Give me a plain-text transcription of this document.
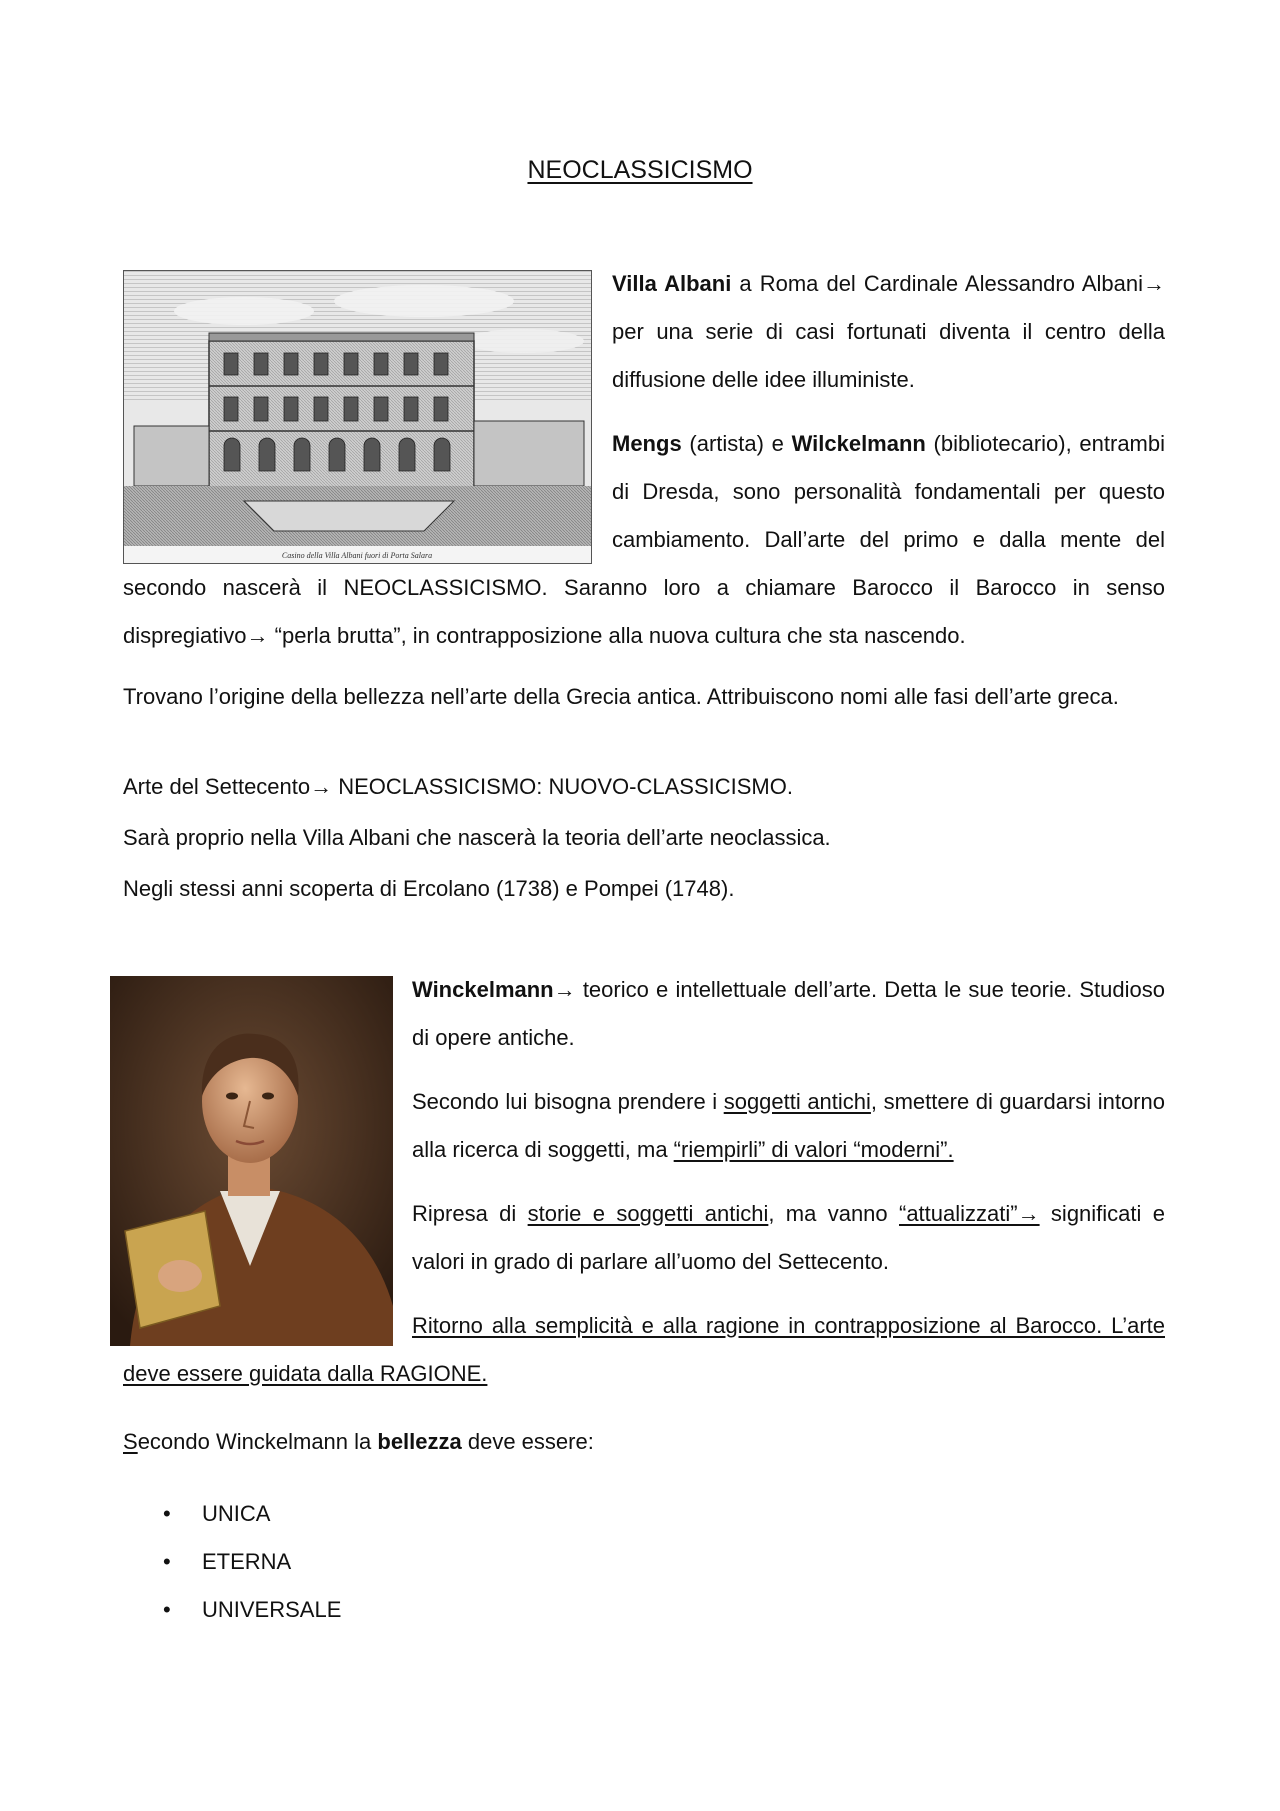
NEOCLASSICISMO
Casino della Villa Albani fuori di Porta Salara

Villa Albani a Roma del Cardinale Alessandro Albani→ per una serie di casi fortunati diventa il centro della diffusione delle idee illuministe.

Mengs (artista) e Wilckelmann (bibliotecario), entrambi di Dresda, sono personalità fondamentali per questo cambiamento. Dall’arte del primo e dalla mente del secondo nascerà il NEOCLASSICISMO. Saranno loro a chiamare Barocco il Barocco in senso dispregiativo→ “perla brutta”, in contrapposizione alla nuova cultura che sta nascendo.

Trovano l’origine della bellezza nell’arte della Grecia antica. Attribuiscono nomi alle fasi dell’arte greca.

Arte del Settecento→ NEOCLASSICISMO: NUOVO-CLASSICISMO.

Sarà proprio nella Villa Albani che nascerà la teoria dell’arte neoclassica.

Negli stessi anni scoperta di Ercolano (1738) e Pompei (1748).

Winckelmann→ teorico e intellettuale dell’arte. Detta le sue teorie. Studioso di opere antiche.

Secondo lui bisogna prendere i soggetti antichi, smettere di guardarsi intorno alla ricerca di soggetti, ma “riempirli” di valori “moderni”.

Ripresa di storie e soggetti antichi, ma vanno “attualizzati”→ significati e valori in grado di parlare all’uomo del Settecento.

Ritorno alla semplicità e alla ragione in contrapposizione al Barocco. L’arte deve essere guidata dalla RAGIONE.

Secondo Winckelmann la bellezza deve essere:

• UNICA
• ETERNA
• UNIVERSALE
